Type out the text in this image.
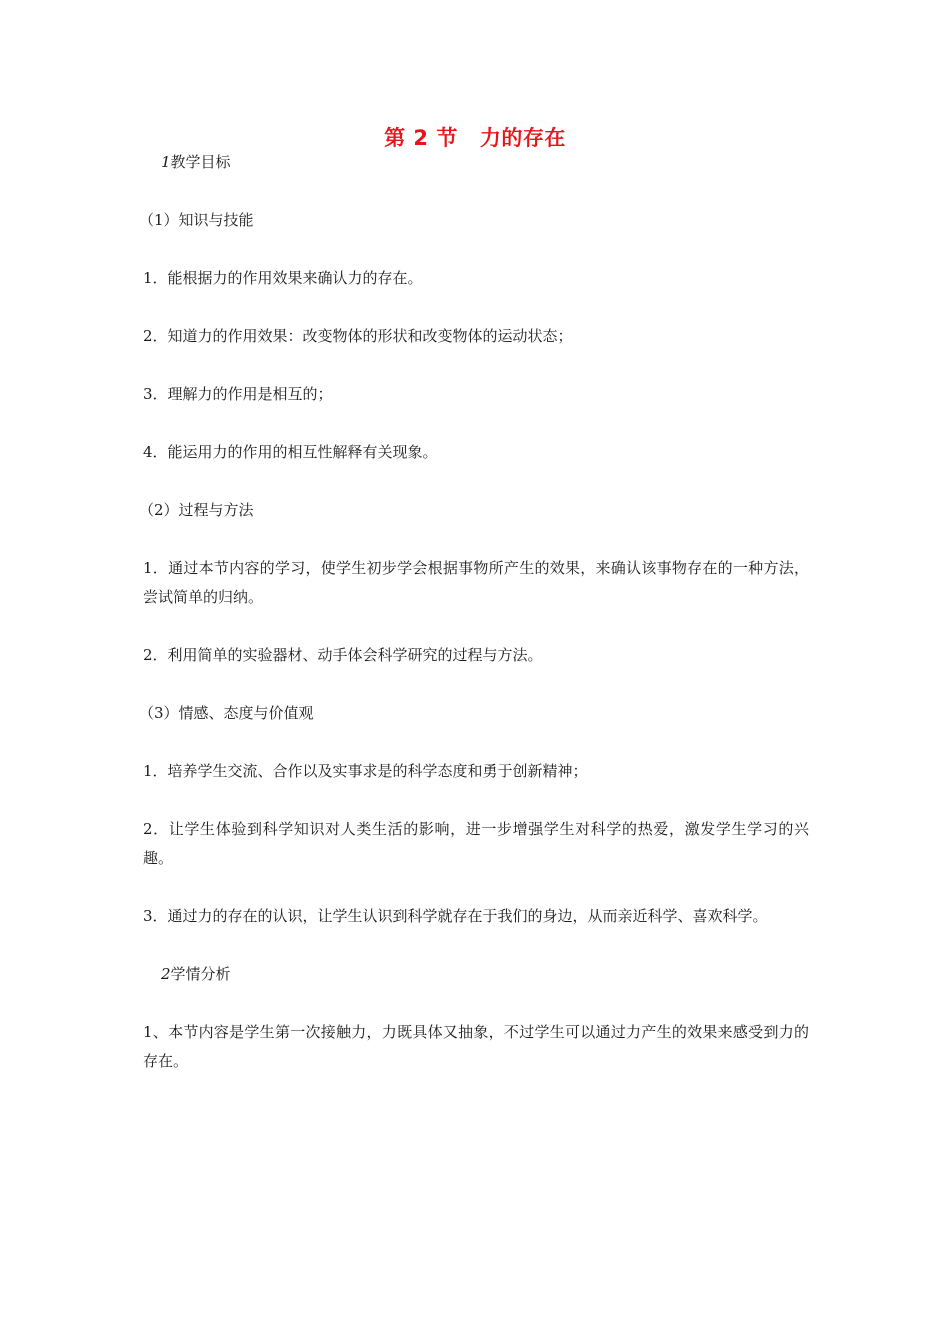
第 2 节 力的存在
1教学目标
（1）知识与技能

1．能根据力的作用效果来确认力的存在。

2．知道力的作用效果：改变物体的形状和改变物体的运动状态；

3．理解力的作用是相互的；

4．能运用力的作用的相互性解释有关现象。

（2）过程与方法

1．通过本节内容的学习，使学生初步学会根据事物所产生的效果，来确认该事物存在的一种方法，尝试简单的归纳。

2．利用简单的实验器材、动手体会科学研究的过程与方法。

（3）情感、态度与价值观

1．培养学生交流、合作以及实事求是的科学态度和勇于创新精神；

2．让学生体验到科学知识对人类生活的影响，进一步增强学生对科学的热爱，激发学生学习的兴趣。

3．通过力的存在的认识，让学生认识到科学就存在于我们的身边，从而亲近科学、喜欢科学。

2学情分析

1、本节内容是学生第一次接触力，力既具体又抽象，不过学生可以通过力产生的效果来感受到力的存在。
